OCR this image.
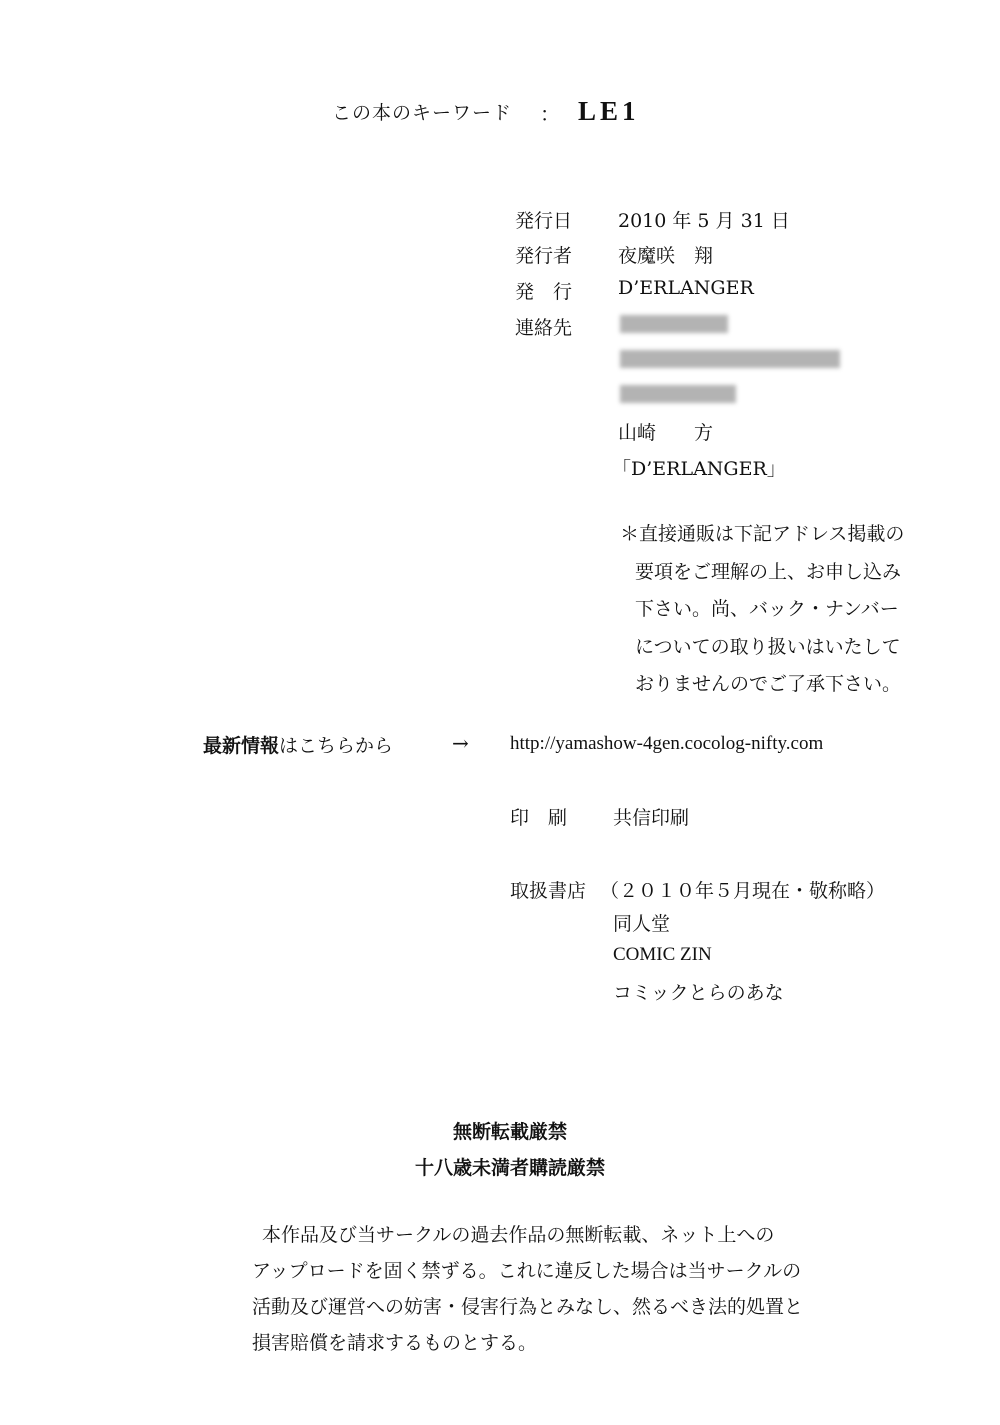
この本のキーワード ： LE1
発行日 2010 年 5 月 31 日
発行者 夜魔咲　翔
発　行 D’ERLANGER
連絡先
山崎　　方
「D’ERLANGER」
＊直接通販は下記アドレス掲載の
要項をご理解の上、お申し込み
下さい。尚、バック・ナンバー
についての取り扱いはいたして
おりませんのでご了承下さい。
最新情報はこちらから	→ http://yamashow-4gen.cocolog-nifty.com
印　刷 共信印刷
取扱書店 （２０１０年５月現在・敬称略）
同人堂
COMIC ZIN
コミックとらのあな
無断転載厳禁
十八歳未満者購読厳禁
本作品及び当サークルの過去作品の無断転載、ネット上への
アップロードを固く禁ずる。これに違反した場合は当サークルの
活動及び運営への妨害・侵害行為とみなし、然るべき法的処置と
損害賠償を請求するものとする。
